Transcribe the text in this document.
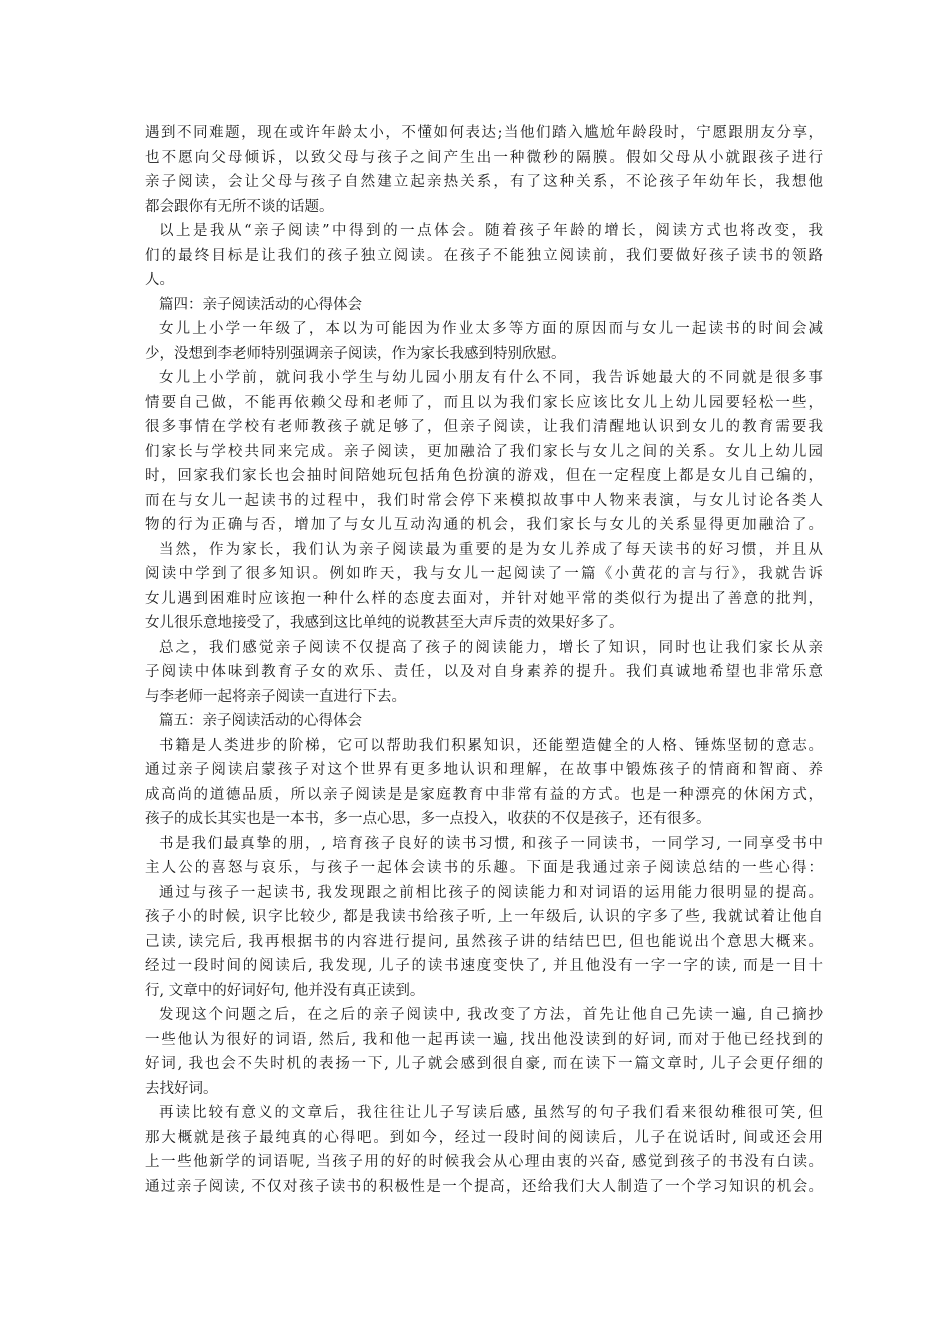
遇到不同难题，现在或许年龄太小，不懂如何表达;当他们踏入尴尬年龄段时，宁愿跟朋友分享，
也不愿向父母倾诉，以致父母与孩子之间产生出一种微秒的隔膜。假如父母从小就跟孩子进行
亲子阅读，会让父母与孩子自然建立起亲热关系，有了这种关系，不论孩子年幼年长，我想他
都会跟你有无所不谈的话题。
以上是我从“亲子阅读”中得到的一点体会。随着孩子年龄的增长，阅读方式也将改变，我
们的最终目标是让我们的孩子独立阅读。在孩子不能独立阅读前，我们要做好孩子读书的领路
人。
篇四：亲子阅读活动的心得体会
女儿上小学一年级了，本以为可能因为作业太多等方面的原因而与女儿一起读书的时间会减
少，没想到李老师特别强调亲子阅读，作为家长我感到特别欣慰。
女儿上小学前，就问我小学生与幼儿园小朋友有什么不同，我告诉她最大的不同就是很多事
情要自己做，不能再依赖父母和老师了，而且以为我们家长应该比女儿上幼儿园要轻松一些，
很多事情在学校有老师教孩子就足够了，但亲子阅读，让我们清醒地认识到女儿的教育需要我
们家长与学校共同来完成。亲子阅读，更加融洽了我们家长与女儿之间的关系。女儿上幼儿园
时，回家我们家长也会抽时间陪她玩包括角色扮演的游戏，但在一定程度上都是女儿自己编的，
而在与女儿一起读书的过程中，我们时常会停下来模拟故事中人物来表演，与女儿讨论各类人
物的行为正确与否，增加了与女儿互动沟通的机会，我们家长与女儿的关系显得更加融洽了。
当然，作为家长，我们认为亲子阅读最为重要的是为女儿养成了每天读书的好习惯，并且从
阅读中学到了很多知识。例如昨天，我与女儿一起阅读了一篇《小黄花的言与行》，我就告诉
女儿遇到困难时应该抱一种什么样的态度去面对，并针对她平常的类似行为提出了善意的批判，
女儿很乐意地接受了，我感到这比单纯的说教甚至大声斥责的效果好多了。
总之，我们感觉亲子阅读不仅提高了孩子的阅读能力，增长了知识，同时也让我们家长从亲
子阅读中体味到教育子女的欢乐、责任，以及对自身素养的提升。我们真诚地希望也非常乐意
与李老师一起将亲子阅读一直进行下去。
篇五：亲子阅读活动的心得体会
书籍是人类进步的阶梯，它可以帮助我们积累知识，还能塑造健全的人格、锤炼坚韧的意志。
通过亲子阅读启蒙孩子对这个世界有更多地认识和理解，在故事中锻炼孩子的情商和智商、养
成高尚的道德品质，所以亲子阅读是是家庭教育中非常有益的方式。也是一种漂亮的休闲方式，
孩子的成长其实也是一本书，多一点心思，多一点投入，收获的不仅是孩子，还有很多。
书是我们最真挚的朋，, 培育孩子良好的读书习惯, 和孩子一同读书，一同学习, 一同享受书中
主人公的喜怒与哀乐，与孩子一起体会读书的乐趣。下面是我通过亲子阅读总结的一些心得：
通过与孩子一起读书, 我发现跟之前相比孩子的阅读能力和对词语的运用能力很明显的提高。
孩子小的时候, 识字比较少, 都是我读书给孩子听, 上一年级后, 认识的字多了些, 我就试着让他自
己读, 读完后, 我再根据书的内容进行提问, 虽然孩子讲的结结巴巴, 但也能说出个意思大概来。
经过一段时间的阅读后, 我发现, 儿子的读书速度变快了, 并且他没有一字一字的读, 而是一目十
行, 文章中的好词好句, 他并没有真正读到。
发现这个问题之后，在之后的亲子阅读中, 我改变了方法，首先让他自己先读一遍, 自己摘抄
一些他认为很好的词语, 然后, 我和他一起再读一遍, 找出他没读到的好词, 而对于他已经找到的
好词, 我也会不失时机的表扬一下, 儿子就会感到很自豪, 而在读下一篇文章时, 儿子会更仔细的
去找好词。
再读比较有意义的文章后，我往往让儿子写读后感, 虽然写的句子我们看来很幼稚很可笑, 但
那大概就是孩子最纯真的心得吧。到如今，经过一段时间的阅读后，儿子在说话时, 间或还会用
上一些他新学的词语呢, 当孩子用的好的时候我会从心理由衷的兴奋, 感觉到孩子的书没有白读。
通过亲子阅读, 不仅对孩子读书的积极性是一个提高，还给我们大人制造了一个学习知识的机会。
